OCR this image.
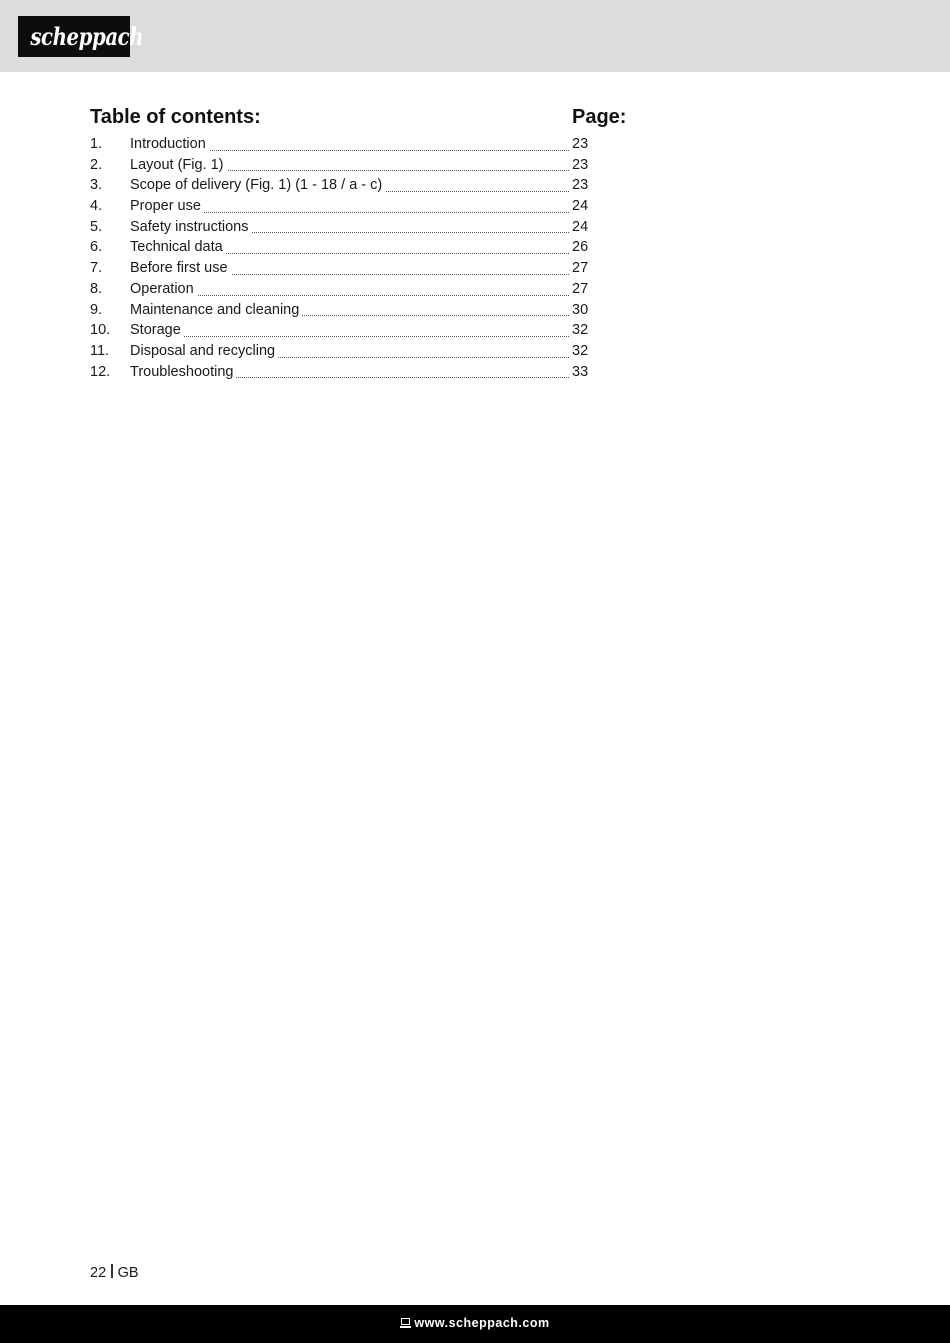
scheppach
Table of contents:	Page:
1.	Introduction	23
2.	Layout (Fig. 1)	23
3.	Scope of delivery (Fig. 1) (1 - 18 / a - c)	23
4.	Proper use	24
5.	Safety instructions	24
6.	Technical data	26
7.	Before first use	27
8.	Operation	27
9.	Maintenance and cleaning	30
10.	Storage	32
11.	Disposal and recycling	32
12.	Troubleshooting	33
22 GB
www.scheppach.com
